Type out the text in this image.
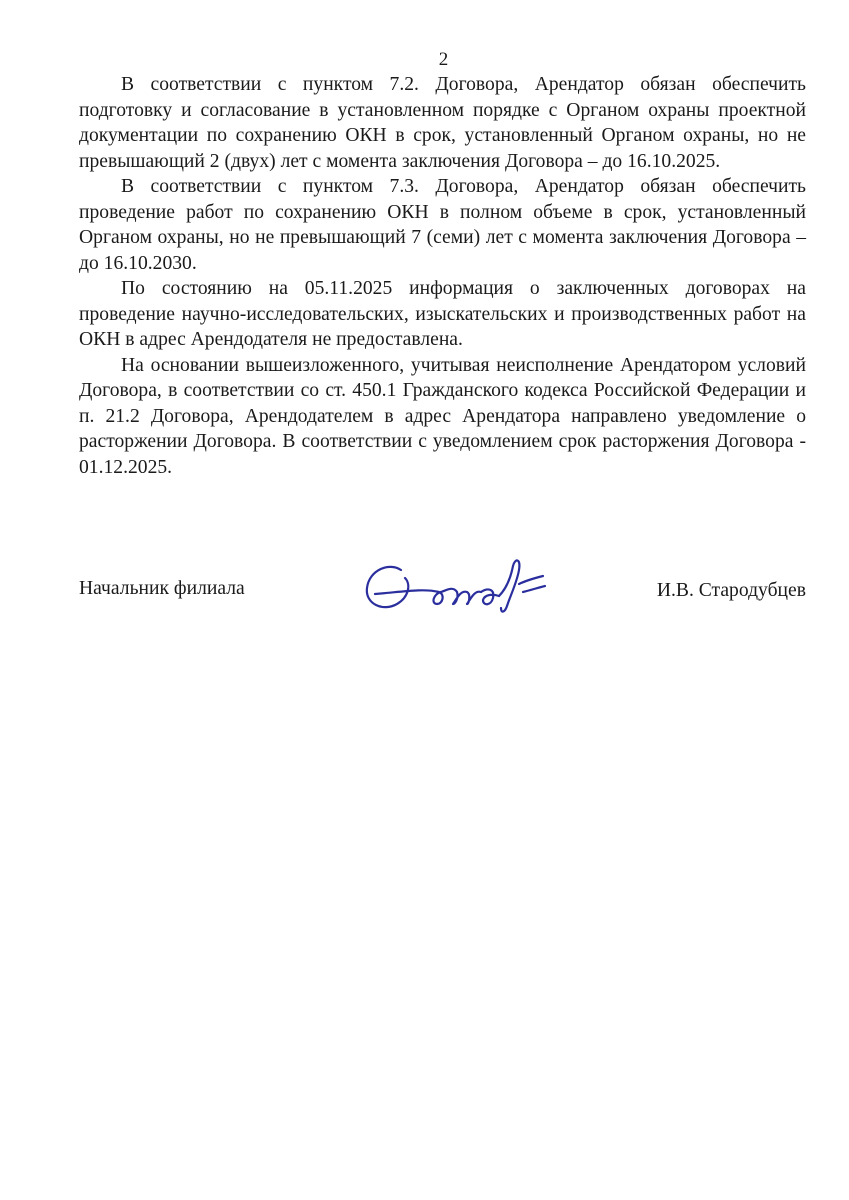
2

В соответствии с пунктом 7.2. Договора, Арендатор обязан обеспечить подготовку и согласование в установленном порядке с Органом охраны проектной документации по сохранению ОКН в срок, установленный Органом охраны, но не превышающий 2 (двух) лет с момента заключения Договора – до 16.10.2025.

В соответствии с пунктом 7.3. Договора, Арендатор обязан обеспечить проведение работ по сохранению ОКН в полном объеме в срок, установленный Органом охраны, но не превышающий 7 (семи) лет с момента заключения Договора – до 16.10.2030.

По состоянию на 05.11.2025 информация о заключенных договорах на проведение научно-исследовательских, изыскательских и производственных работ на ОКН в адрес Арендодателя не предоставлена.

На основании вышеизложенного, учитывая неисполнение Арендатором условий Договора, в соответствии со ст. 450.1 Гражданского кодекса Российской Федерации и п. 21.2 Договора, Арендодателем в адрес Арендатора направлено уведомление о расторжении Договора. В соответствии с уведомлением срок расторжения Договора - 01.12.2025.

Начальник филиала	И.В. Стародубцев
